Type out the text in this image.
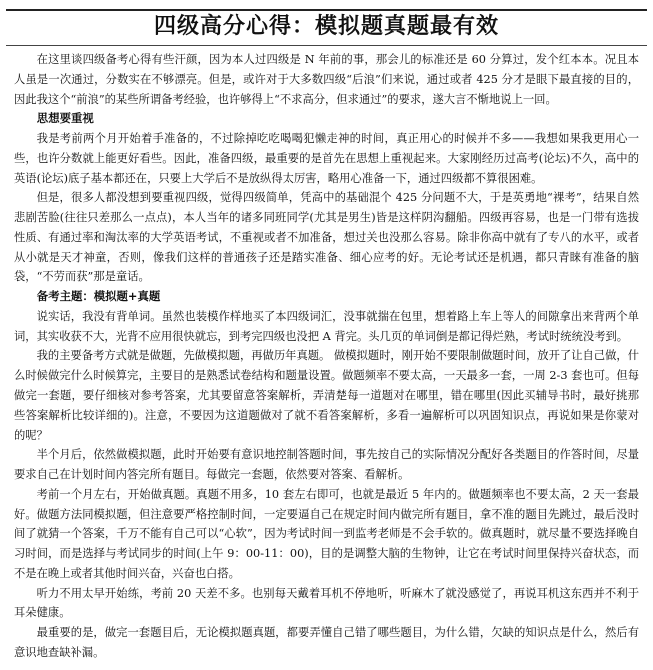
四级高分心得：模拟题真题最有效

在这里谈四级备考心得有些汗颜，因为本人过四级是 N 年前的事，那会儿的标准还是 60 分算过，发个红本本。况且本人虽是一次通过，分数实在不够漂亮。但是，或许对于大多数四级“后浪”们来说，通过或者 425 分才是眼下最直接的目的，因此我这个“前浪”的某些所谓备考经验，也许够得上“不求高分，但求通过”的要求，遂大言不惭地说上一回。

思想要重视

我是考前两个月开始着手准备的，不过除掉吃吃喝喝犯懒走神的时间，真正用心的时候并不多——我想如果我更用心一些，也许分数就上能更好看些。因此，准备四级，最重要的是首先在思想上重视起来。大家刚经历过高考(论坛)不久，高中的英语(论坛)底子基本都还在，只要上大学后不是放纵得太厉害，略用心准备一下，通过四级都不算很困难。

但是，很多人都没想到要重视四级，觉得四级简单，凭高中的基础混个 425 分问题不大，于是英勇地“裸考”，结果自然悲剧苦脸(往往只差那么一点点)，本人当年的诸多同班同学(尤其是男生)皆是这样阴沟翻船。四级再容易，也是一门带有选拔性质、有通过率和淘汰率的大学英语考试，不重视或者不加准备，想过关也没那么容易。除非你高中就有了专八的水平，或者从小就是天才神童，否则，像我们这样的普通孩子还是踏实准备、细心应考的好。无论考试还是机遇，都只青睐有准备的脑袋，“不劳而获”那是童话。

备考主题：模拟题+真题

说实话，我没有背单词。虽然也装模作样地买了本四级词汇，没事就揣在包里，想着路上车上等人的间隙拿出来背两个单词，其实收获不大，光背不应用很快就忘，到考完四级也没把 A 背完。头几页的单词倒是都记得烂熟，考试时统统没考到。

我的主要备考方式就是做题，先做模拟题，再做历年真题。 做模拟题时，刚开始不要限制做题时间，放开了让自己做，什么时候做完什么时候算完，主要目的是熟悉试卷结构和题量设置。做题频率不要太高，一天最多一套，一周 2-3 套也可。但每做完一套题，要仔细核对参考答案，尤其要留意答案解析，弄清楚每一道题对在哪里，错在哪里(因此买辅导书时，最好挑那些答案解析比较详细的)。注意，不要因为这道题做对了就不看答案解析，多看一遍解析可以巩固知识点，再说如果是你蒙对的呢？

半个月后，依然做模拟题，此时开始要有意识地控制答题时间，事先按自己的实际情况分配好各类题目的作答时间，尽量要求自己在计划时间内答完所有题目。每做完一套题，依然要对答案、看解析。

考前一个月左右，开始做真题。真题不用多，10 套左右即可，也就是最近 5 年内的。做题频率也不要太高，2 天一套最好。做题方法同模拟题，但注意要严格控制时间，一定要逼自己在规定时间内做完所有题目，拿不准的题目先跳过，最后没时间了就猜一个答案，千万不能有自己可以“心软”，因为考试时间一到监考老师是不会手软的。做真题时，就尽量不要选择晚自习时间，而是选择与考试同步的时间(上午 9：00-11：00)，目的是调整大脑的生物钟，让它在考试时间里保持兴奋状态，而不是在晚上或者其他时间兴奋，兴奋也白搭。

听力不用太早开始练，考前 20 天差不多。也别每天戴着耳机不停地听，听麻木了就没感觉了，再说耳机这东西并不利于耳朵健康。

最重要的是，做完一套题目后，无论模拟题真题，都要弄懂自己错了哪些题目，为什么错，欠缺的知识点是什么，然后有意识地查缺补漏。
